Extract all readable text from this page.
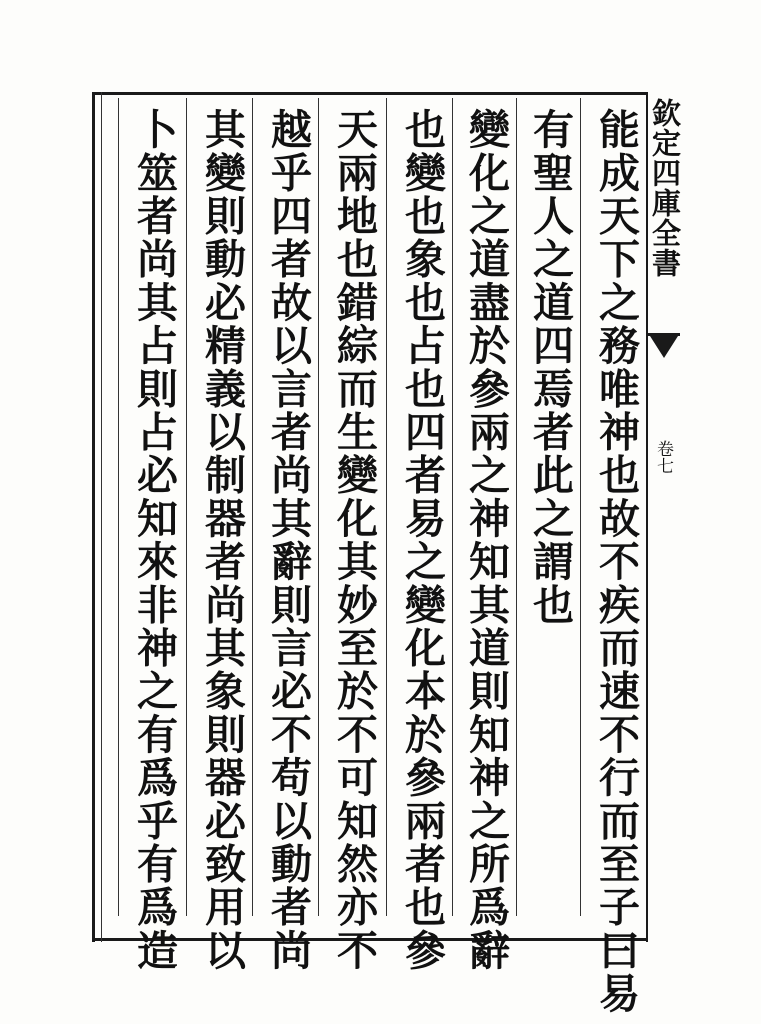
欽定四庫全書
卷七
能成天下之務唯神也故不疾而速不行而至子曰易
有聖人之道四焉者此之謂也
變化之道盡於參兩之神知其道則知神之所爲辭
也變也象也占也四者易之變化本於參兩者也參
天兩地也錯綜而生變化其妙至於不可知然亦不
越乎四者故以言者尚其辭則言必不苟以動者尚
其變則動必精義以制器者尚其象則器必致用以
卜筮者尚其占則占必知來非神之有爲乎有爲造
